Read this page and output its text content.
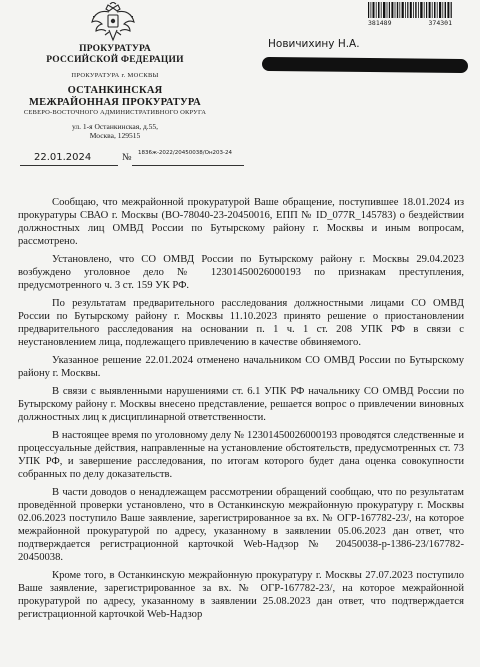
ПРОКУРАТУРА
РОССИЙСКОЙ ФЕДЕРАЦИИ
ПРОКУРАТУРА г. МОСКВЫ
ОСТАНКИНСКАЯ
МЕЖРАЙОННАЯ ПРОКУРАТУРА
СЕВЕРО-ВОСТОЧНОГО АДМИНИСТРАТИВНОГО ОКРУГА
ул. 1-я Останкинская, д.55,
Москва, 129515
381489	374301
Новичихину Н.А.
22.01.2024	№ 1836ж-2022/20450038/Он203-24

Сообщаю, что межрайонной прокуратурой Ваше обращение, поступившее 18.01.2024 из прокуратуры СВАО г. Москвы (ВО-78040-23-20450016, ЕПП № ID_077R_145783) о бездействии должностных лиц ОМВД России по Бутырскому району г. Москвы и иным вопросам, рассмотрено.

Установлено, что СО ОМВД России по Бутырскому району г. Москвы 29.04.2023 возбуждено уголовное дело № 12301450026000193 по признакам преступления, предусмотренного ч. 3 ст. 159 УК РФ.

По результатам предварительного расследования должностными лицами СО ОМВД России по Бутырскому району г. Москвы 11.10.2023 принято решение о приостановлении предварительного расследования на основании п. 1 ч. 1 ст. 208 УПК РФ в связи с неустановлением лица, подлежащего привлечению в качестве обвиняемого.

Указанное решение 22.01.2024 отменено начальником СО ОМВД России по Бутырскому району г. Москвы.

В связи с выявленными нарушениями ст. 6.1 УПК РФ начальнику СО ОМВД России по Бутырскому району г. Москвы внесено представление, решается вопрос о привлечении виновных должностных лиц к дисциплинарной ответственности.

В настоящее время по уголовному делу № 12301450026000193 проводятся следственные и процессуальные действия, направленные на установление обстоятельств, предусмотренных ст. 73 УПК РФ, и завершение расследования, по итогам которого будет дана оценка совокупности собранных по делу доказательств.

В части доводов о ненадлежащем рассмотрении обращений сообщаю, что по результатам проведённой проверки установлено, что в Останкинскую межрайонную прокуратуру г. Москвы 02.06.2023 поступило Ваше заявление, зарегистрированное за вх. № ОГР-167782-23/, на которое межрайонной прокуратурой по адресу, указанному в заявлении 05.06.2023 дан ответ, что подтверждается регистрационной карточкой Web-Надзор № 20450038-р-1386-23/167782-20450038.

Кроме того, в Останкинскую межрайонную прокуратуру г. Москвы 27.07.2023 поступило Ваше заявление, зарегистрированное за вх. № ОГР-167782-23/, на которое межрайонной прокуратурой по адресу, указанному в заявлении 25.08.2023 дан ответ, что подтверждается регистрационной карточкой Web-Надзор
